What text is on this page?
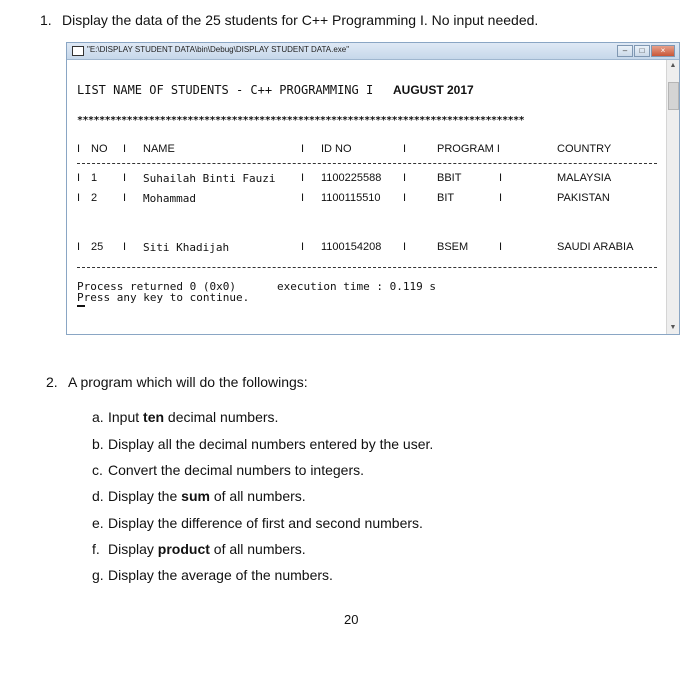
1. Display the data of the 25 students for C++ Programming I. No input needed.
"E:\DISPLAY STUDENT DATA\bin\Debug\DISPLAY STUDENT DATA.exe"	–	□	×
▲
▼
LIST NAME OF STUDENTS - C++ PROGRAMMING I AUGUST 2017
*********************************************************************************
I NO I NAME	I ID NO	I	PROGRAM I	COUNTRY
I 1 I Suhailah Binti Fauzi I 1100225588 I	BBIT	I	MALAYSIA
I 2 I Mohammad	I 1100115510 I	BIT	I	PAKISTAN
I 25 I Siti Khadijah	I 1100154208 I	BSEM	I	SAUDI ARABIA
Process returned 0 (0x0)	execution time : 0.119 s
Press any key to continue.
2. A program which will do the followings:
a. Input ten decimal numbers.
b. Display all the decimal numbers entered by the user.
c. Convert the decimal numbers to integers.
d. Display the sum of all numbers.
e. Display the difference of first and second numbers.
f. Display product of all numbers.
g. Display the average of the numbers.
20
